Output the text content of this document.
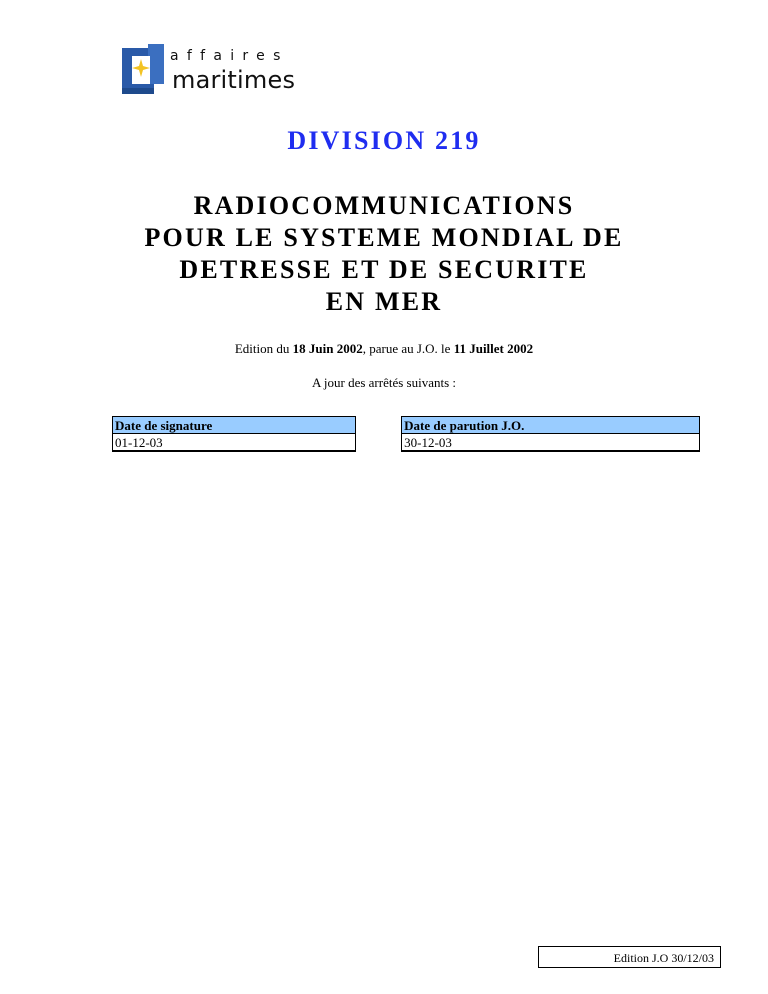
affaires
maritimes
DIVISION 219
RADIOCOMMUNICATIONS
POUR LE SYSTEME MONDIAL DE
DETRESSE ET DE SECURITE
EN MER
Edition du 18 Juin 2002, parue au J.O. le 11 Juillet 2002
A jour des arrêtés suivants :
Date de signature		Date de parution J.O.
01-12-03		30-12-03
Edition J.O 30/12/03
